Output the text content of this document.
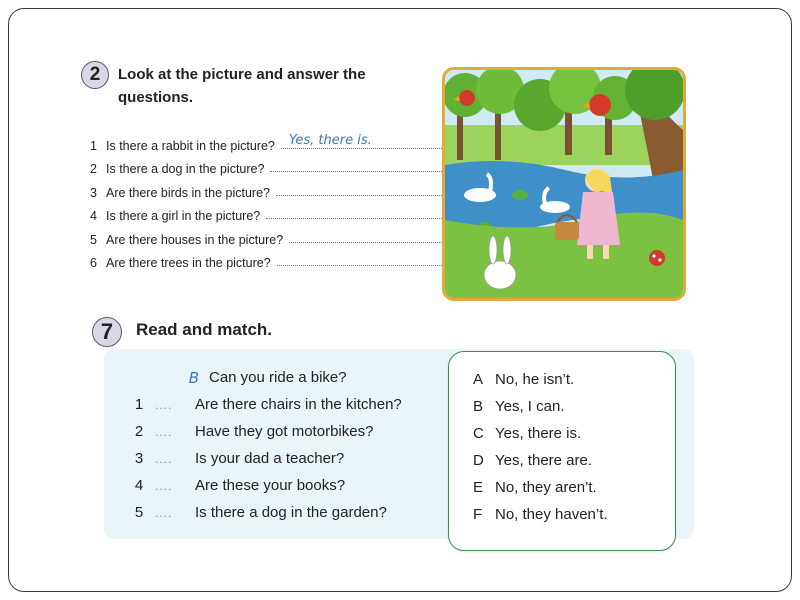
2	Look at the picture and answer the questions.
1 Is there a rabbit in the picture? Yes, there is.
2 Is there a dog in the picture?
3 Are there birds in the picture?
4 Is there a girl in the picture?
5 Are there houses in the picture?
6 Are there trees in the picture?
7	Read and match.
B Can you ride a bike?
1 ....	Are there chairs in the kitchen?
2 ....	Have they got motorbikes?
3 ....	Is your dad a teacher?
4 ....	Are these your books?
5 ....	Is there a dog in the garden?
A No, he isn’t.
B Yes, I can.
C Yes, there is.
D Yes, there are.
E No, they aren’t.
F No, they haven’t.
